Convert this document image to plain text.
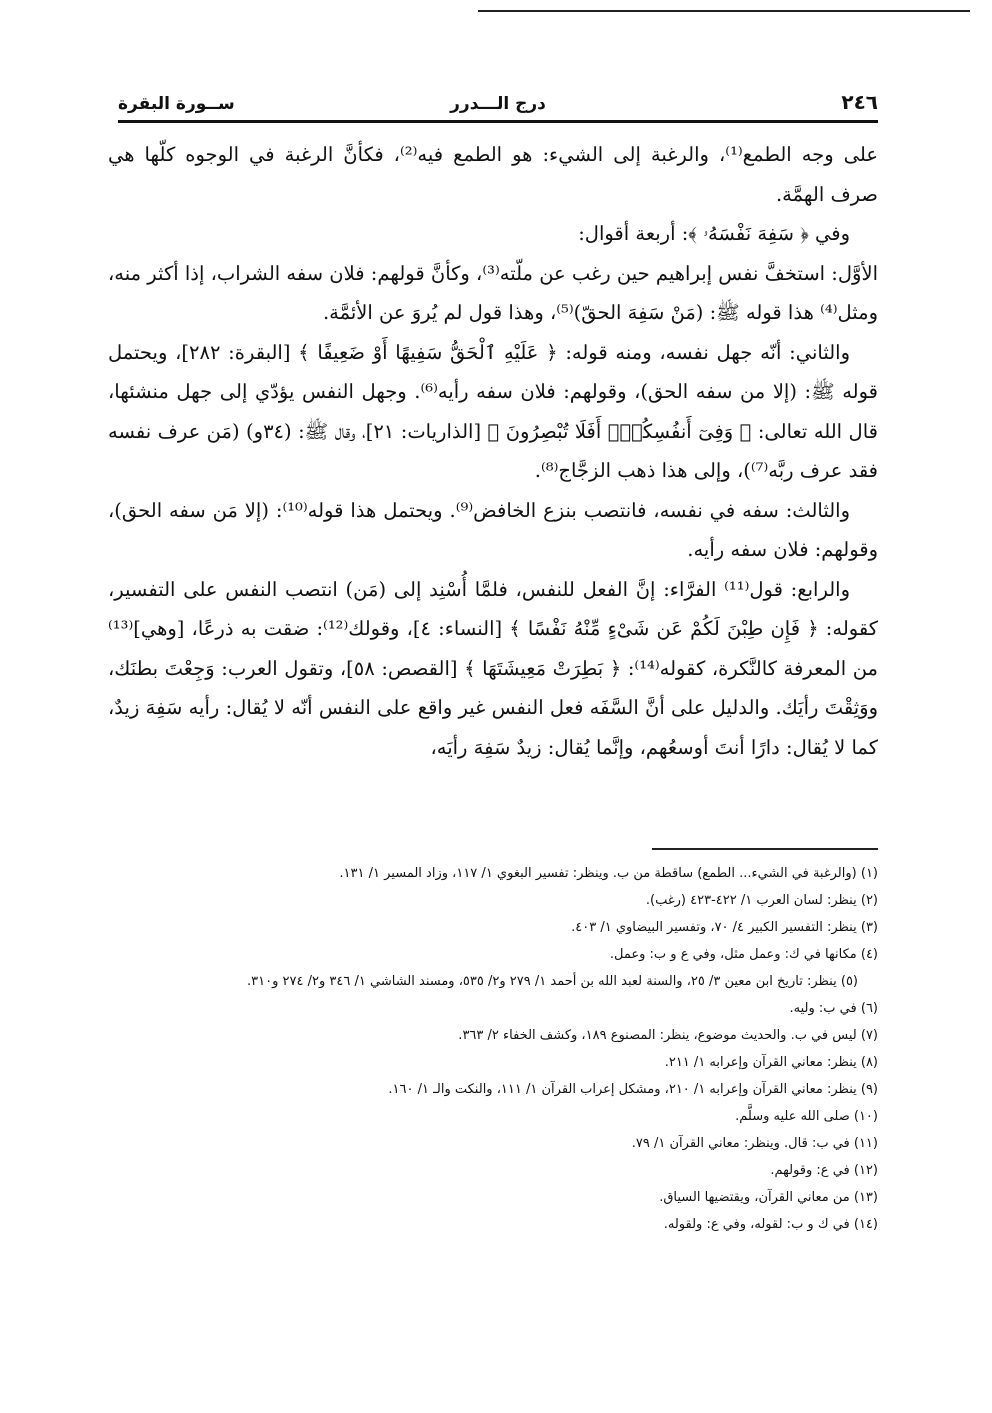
٢٤٦
درج الـــدرر
ســورة البقرة

على وجه الطمع⁽¹⁾، والرغبة إلى الشيء: هو الطمع فيه⁽²⁾، فكأنَّ الرغبة في الوجوه كلّها هي صرف الهمَّة.

وفي ﴿ سَفِهَ نَفْسَهُۥ ﴾: أربعة أقوال:

الأوَّل: استخفَّ نفس إبراهيم حين رغب عن ملّته⁽³⁾، وكأنَّ قولهم: فلان سفه الشراب، إذا أكثر منه، ومثل⁽⁴⁾ هذا قوله ﷺ: (مَنْ سَفِهَ الحقّ)⁽⁵⁾، وهذا قول لم يُروَ عن الأئمَّة.

والثاني: أنّه جهل نفسه، ومنه قوله: ﴿ عَلَيْهِ ٱلْحَقُّ سَفِيهًا أَوْ ضَعِيفًا ﴾ [البقرة: ٢٨٢]، ويحتمل قوله ﷺ: (إلا من سفه الحق)، وقولهم: فلان سفه رأيه⁽⁶⁾. وجهل النفس يؤدّي إلى جهل منشئها، قال الله تعالى: ﴿ وَفِىٓ أَنفُسِكُمْۚ أَفَلَا تُبْصِرُونَ ﴾ [الذاريات: ٢١]، وقال ﷺ: (٣٤و) (مَن عرف نفسه فقد عرف ربَّه⁽⁷⁾)، وإلى هذا ذهب الزجَّاج⁽⁸⁾.

والثالث: سفه في نفسه، فانتصب بنزع الخافض⁽⁹⁾. ويحتمل هذا قوله⁽¹⁰⁾: (إلا مَن سفه الحق)، وقولهم: فلان سفه رأيه.

والرابع: قول⁽¹¹⁾ الفرَّاء: إنَّ الفعل للنفس، فلمَّا أُسْنِد إلى (مَن) انتصب النفس على التفسير، كقوله: ﴿ فَإِن طِبْنَ لَكُمْ عَن شَىْءٍ مِّنْهُ نَفْسًا ﴾ [النساء: ٤]، وقولك⁽¹²⁾: ضقت به ذرعًا، [وهي]⁽¹³⁾ من المعرفة كالنَّكرة، كقوله⁽¹⁴⁾: ﴿ بَطِرَتْ مَعِيشَتَهَا ﴾ [القصص: ٥٨]، وتقول العرب: وَجِعْتَ بطنَك، ووَثِقْتَ رأيَك. والدليل على أنَّ السَّفَه فعل النفس غير واقع على النفس أنّه لا يُقال: رأيه سَفِهَ زيدٌ، كما لا يُقال: دارًا أنتَ أوسعُهم، وإنَّما يُقال: زيدٌ سَفِهَ رأيَه،

(١) (والرغبة في الشيء... الطمع) ساقطة من ب. وينظر: تفسير البغوي ١/ ١١٧، وزاد المسير ١/ ١٣١.
(٢) ينظر: لسان العرب ١/ ٤٢٢-٤٢٣ (رغب).
(٣) ينظر: التفسير الكبير ٤/ ٧٠، وتفسير البيضاوي ١/ ٤٠٣.
(٤) مكانها في ك: وعمل مثل، وفي ع و ب: وعمل.
(٥) ينظر: تاريخ ابن معين ٣/ ٢٥، والسنة لعبد الله بن أحمد ١/ ٢٧٩ و٢/ ٥٣٥، ومسند الشاشي ١/ ٣٤٦ و٢/ ٢٧٤ و٣١٠.
(٦) في ب: وليه.
(٧) ليس في ب. والحديث موضوع، ينظر: المصنوع ١٨٩، وكشف الخفاء ٢/ ٣٦٣.
(٨) ينظر: معاني القرآن وإعرابه ١/ ٢١١.
(٩) ينظر: معاني القرآن وإعرابه ١/ ٢١٠، ومشكل إعراب القرآن ١/ ١١١، والنكت والـ ١/ ١٦٠.
(١٠) صلى الله عليه وسلَّم.
(١١) في ب: قال. وينظر: معاني القرآن ١/ ٧٩.
(١٢) في ع: وقولهم.
(١٣) من معاني القرآن، ويقتضيها السياق.
(١٤) في ك و ب: لقوله، وفي ع: ولقوله.
